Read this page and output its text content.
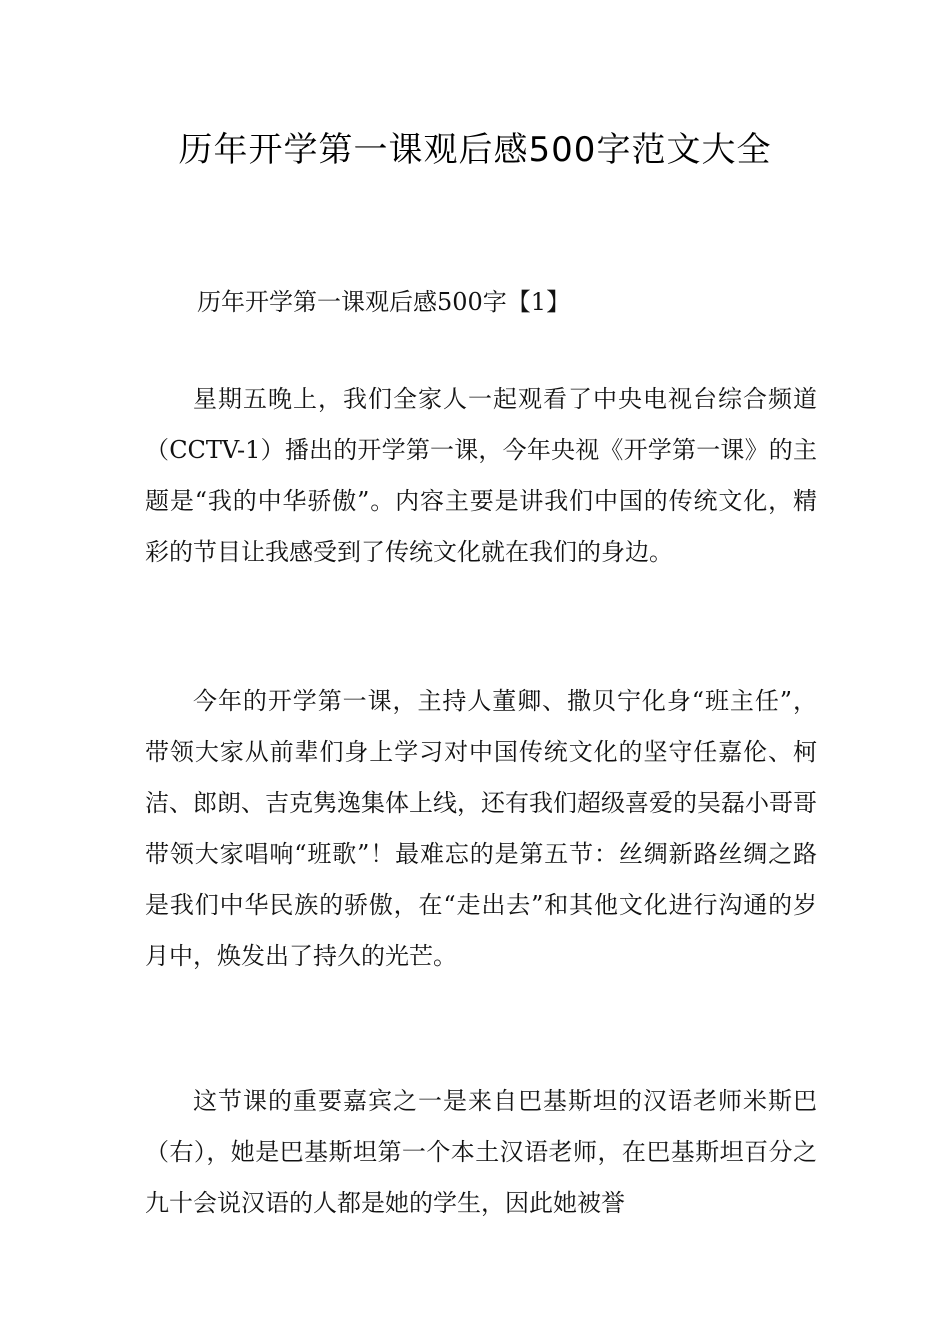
历年开学第一课观后感500字范文大全

历年开学第一课观后感500字【1】

星期五晚上，我们全家人一起观看了中央电视台综合频道（CCTV-1）播出的开学第一课，今年央视《开学第一课》的主题是“我的中华骄傲”。内容主要是讲我们中国的传统文化，精彩的节目让我感受到了传统文化就在我们的身边。

今年的开学第一课，主持人董卿、撒贝宁化身“班主任”，带领大家从前辈们身上学习对中国传统文化的坚守任嘉伦、柯洁、郎朗、吉克隽逸集体上线，还有我们超级喜爱的吴磊小哥哥带领大家唱响“班歌”！最难忘的是第五节：丝绸新路丝绸之路是我们中华民族的骄傲，在“走出去”和其他文化进行沟通的岁月中，焕发出了持久的光芒。

这节课的重要嘉宾之一是来自巴基斯坦的汉语老师米斯巴（右），她是巴基斯坦第一个本土汉语老师，在巴基斯坦百分之九十会说汉语的人都是她的学生，因此她被誉
